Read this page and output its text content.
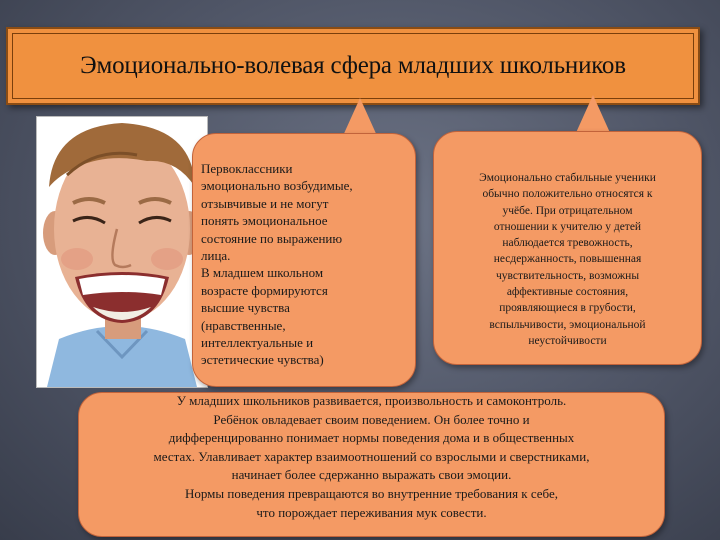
Эмоционально-волевая сфера младших школьников
Первоклассники
эмоционально возбудимые,
отзывчивые и не могут
понять эмоциональное
состояние по выражению
лица.
В младшем школьном
возрасте формируются
высшие чувства
(нравственные,
интеллектуальные и
эстетические чувства)
Эмоционально стабильные ученики
обычно положительно относятся к
учёбе. При отрицательном
отношении к учителю у детей
наблюдается тревожность,
несдержанность, повышенная
чувствительность, возможны
аффективные состояния,
проявляющиеся в грубости,
вспыльчивости, эмоциональной
неустойчивости
У младших школьников развивается, произвольность и самоконтроль.
Ребёнок овладевает своим поведением. Он более точно и
дифференцированно понимает нормы поведения дома и в общественных
местах. Улавливает характер взаимоотношений со взрослыми и сверстниками,
начинает более сдержанно выражать свои эмоции.
Нормы поведения превращаются во внутренние требования к себе,
что порождает переживания мук совести.
